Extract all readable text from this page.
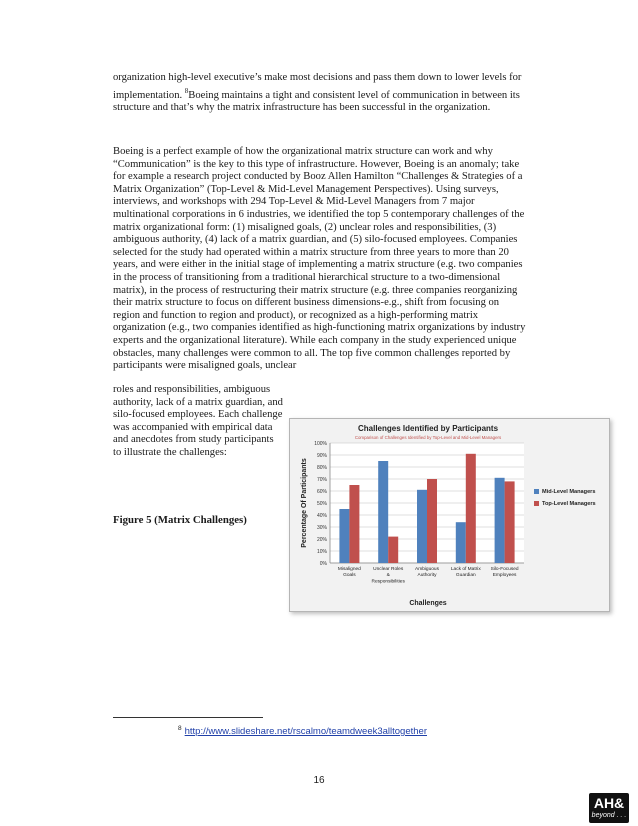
organization high-level executive’s make most decisions and pass them down to lower levels for implementation. $^8$Boeing maintains a tight and consistent level of communication in between its structure and that’s why the matrix infrastructure has been successful in the organization.

Boeing is a perfect example of how the organizational matrix structure can work and why “Communication” is the key to this type of infrastructure. However, Boeing is an anomaly; take for example a research project conducted by Booz Allen Hamilton “Challenges & Strategies of a Matrix Organization” (Top-Level & Mid-Level Management Perspectives). Using surveys, interviews, and workshops with 294 Top-Level & Mid-Level Managers from 7 major multinational corporations in 6 industries, we identified the top 5 contemporary challenges of the matrix organizational form: (1) misaligned goals, (2) unclear roles and responsibilities, (3) ambiguous authority, (4) lack of a matrix guardian, and (5) silo-focused employees. Companies selected for the study had operated within a matrix structure from three years to more than 20 years, and were either in the initial stage of implementing a matrix structure (e.g. two companies in the process of transitioning from a traditional hierarchical structure to a two-dimensional matrix), in the process of restructuring their matrix structure (e.g. three companies reorganizing their matrix structure to focus on different business dimensions-e.g., shift from focusing on region and function to region and product), or recognized as a high-performing matrix organization (e.g., two companies identified as high-functioning matrix organizations by industry experts and the organizational literature). While each company in the study experienced unique obstacles, many challenges were common to all. The top five common challenges reported by participants were misaligned goals, unclear

roles and responsibilities, ambiguous authority, lack of a matrix guardian, and silo-focused employees. Each challenge was accompanied with empirical data and anecdotes from study participants to illustrate the challenges:

Figure 5 (Matrix Challenges)

Challenges Identified by Participants
Comparison of Challenges Identified by Top-Level and Mid-Level Managers
0%
10%
20%
30%
40%
50%
60%
70%
80%
90%
100%
Misaligned
Goals
Unclear Roles
&
Responsibilities
Ambiguous
Authority
Lack of Matrix
Guardian
Silo-Focused
Employees
Challenges
Percentage Of Participants	Mid-Level Managers
Top-Level Managers
$^8$ http://www.slideshare.net/rscalmo/teamdweek3alltogether
16
AH&
beyond . . .
